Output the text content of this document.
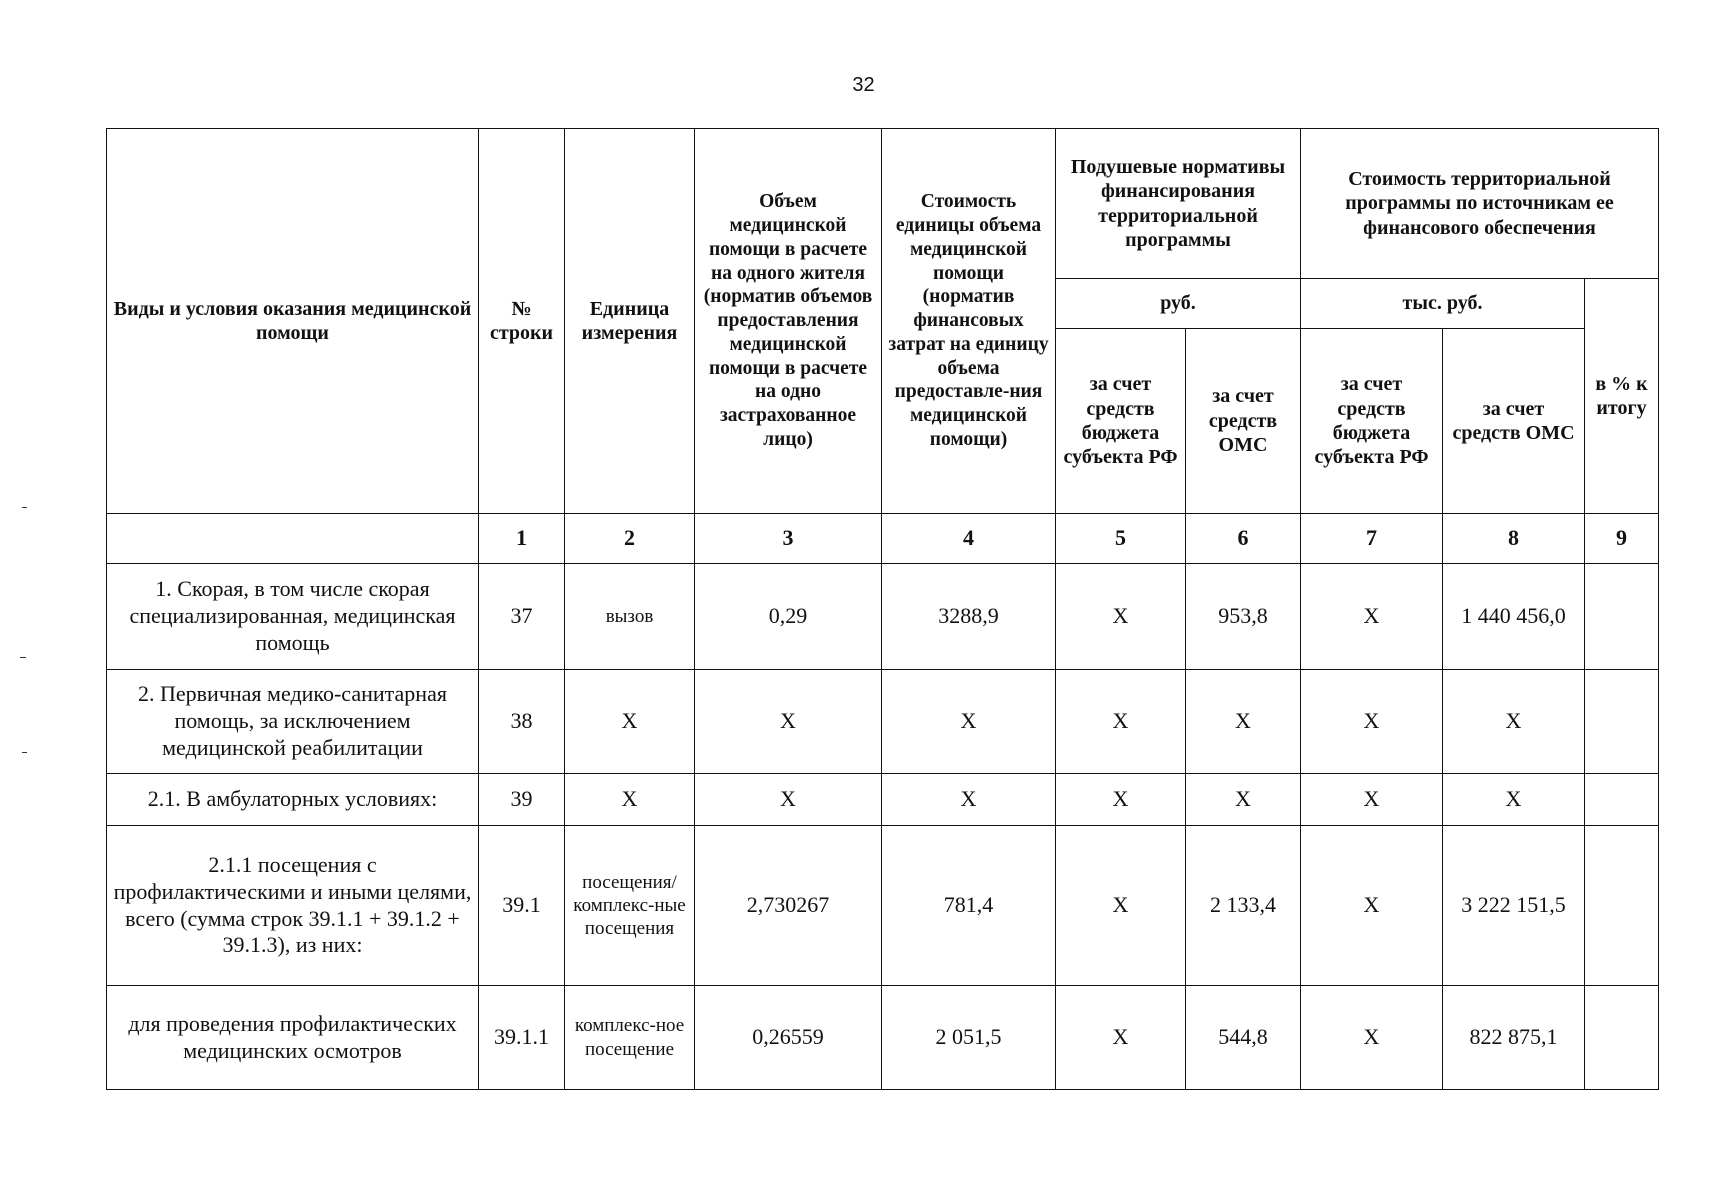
32
Виды и условия оказания медицинской помощи	№ строки	Единица измерения	Объем медицинской помощи в расчете на одного жителя (норматив объемов предоставления медицинской помощи в расчете на одно застрахованное лицо)	Стоимость единицы объема медицинской помощи (норматив финансовых затрат на единицу объема предоставле-ния медицинской помощи)	Подушевые нормативы финансирования территориальной программы		Стоимость территориальной программы по источникам ее финансового обеспечения		
					руб.		тыс. руб.		в % к итогу
					за счет средств бюджета субъекта РФ	за счет средств ОМС	за счет средств бюджета субъекта РФ	за счет средств ОМС	
	1	2	3	4	5	6	7	8	9
1. Скорая, в том числе скорая специализированная, медицинская помощь	37	вызов	0,29	3288,9	X	953,8	X	1 440 456,0	
2. Первичная медико-санитарная помощь, за исключением медицинской реабилитации	38	X	X	X	X	X	X	X	
2.1. В амбулаторных условиях:	39	X	X	X	X	X	X	X	
2.1.1 посещения с профилактическими и иными целями, всего (сумма строк 39.1.1 + 39.1.2 + 39.1.3), из них:	39.1	посещения/ комплекс-ные посещения	2,730267	781,4	X	2 133,4	X	3 222 151,5	
для проведения профилактических медицинских осмотров	39.1.1	комплекс-ное посещение	0,26559	2 051,5	X	544,8	X	822 875,1	
